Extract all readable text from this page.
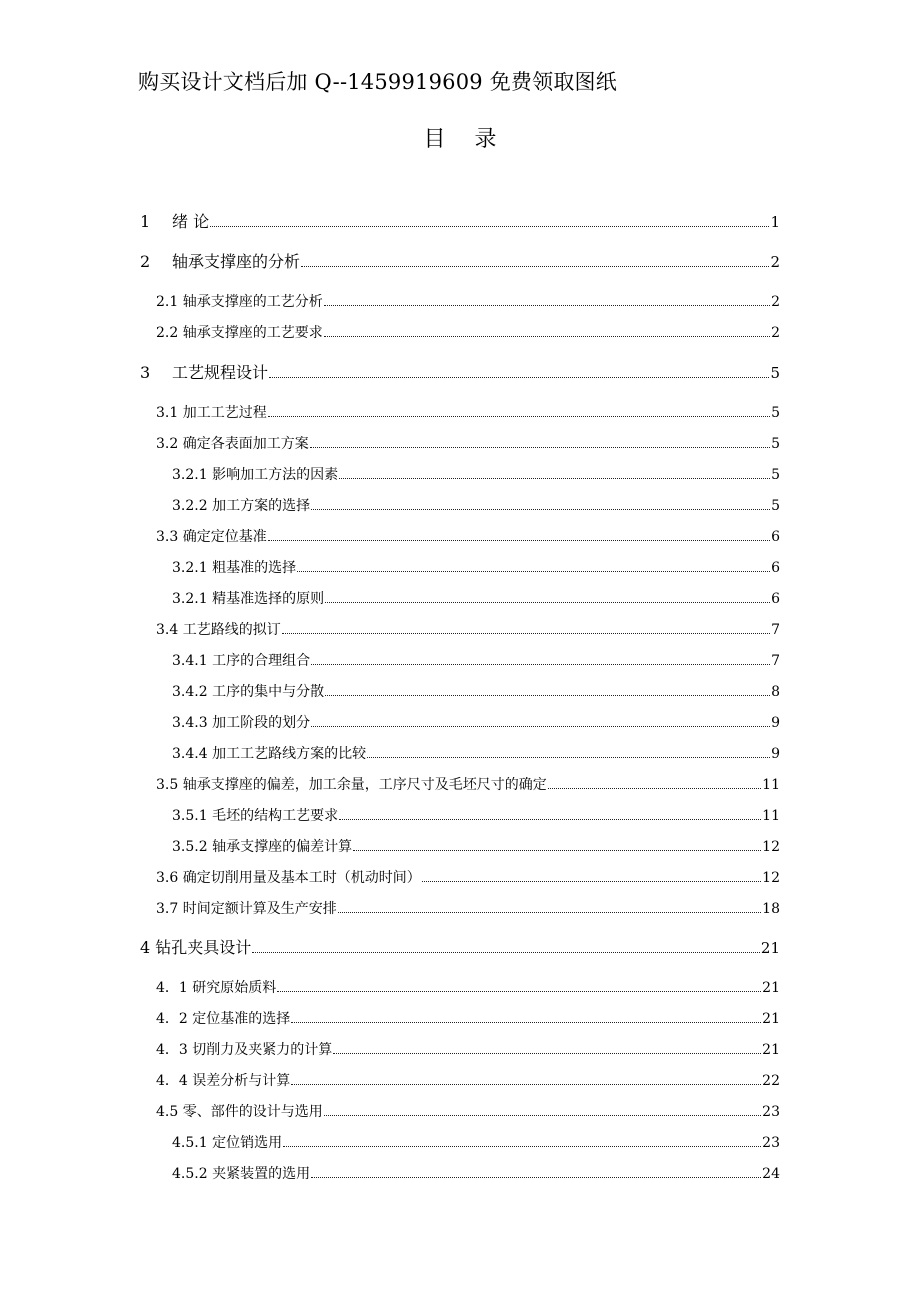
购买设计文档后加 Q--1459919609 免费领取图纸
目 录
1 绪 论	1
2 轴承支撑座的分析	2
2.1 轴承支撑座的工艺分析	2
2.2 轴承支撑座的工艺要求	2
3 工艺规程设计	5
3.1 加工工艺过程	5
3.2 确定各表面加工方案	5
3.2.1 影响加工方法的因素	5
3.2.2 加工方案的选择	5
3.3 确定定位基准	6
3.2.1 粗基准的选择	6
3.2.1 精基准选择的原则	6
3.4 工艺路线的拟订	7
3.4.1 工序的合理组合	7
3.4.2 工序的集中与分散	8
3.4.3 加工阶段的划分	9
3.4.4 加工工艺路线方案的比较	9
3.5 轴承支撑座的偏差，加工余量，工序尺寸及毛坯尺寸的确定	11
3.5.1 毛坯的结构工艺要求	11
3.5.2 轴承支撑座的偏差计算	12
3.6 确定切削用量及基本工时（机动时间）	12
3.7 时间定额计算及生产安排	18
4 钻孔夹具设计	21
4．1 研究原始质料	21
4．2 定位基准的选择	21
4．3 切削力及夹紧力的计算	21
4．4 误差分析与计算	22
4.5 零、部件的设计与选用	23
4.5.1 定位销选用	23
4.5.2 夹紧装置的选用	24
